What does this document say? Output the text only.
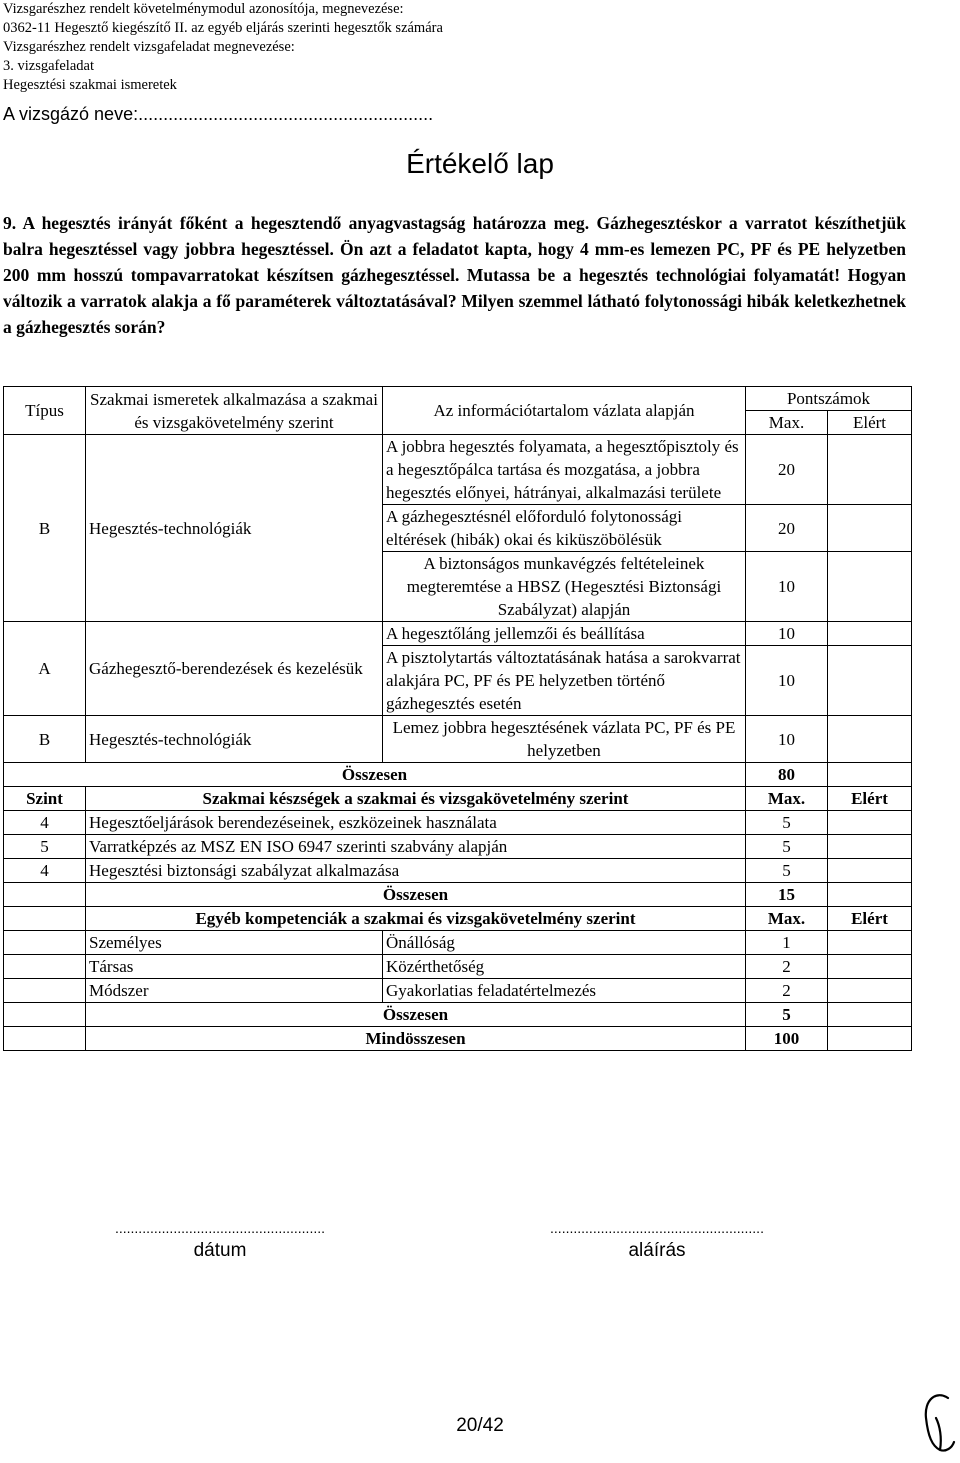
Vizsgarészhez rendelt követelménymodul azonosítója, megnevezése:
0362-11 Hegesztő kiegészítő II. az egyéb eljárás szerinti hegesztők számára
Vizsgarészhez rendelt vizsgafeladat megnevezése:
3. vizsgafeladat
Hegesztési szakmai ismeretek
A vizsgázó neve:...........................................................
Értékelő lap
9. A hegesztés irányát főként a hegesztendő anyagvastagság határozza meg. Gázhegesztéskor a varratot készíthetjük balra hegesztéssel vagy jobbra hegesztéssel. Ön azt a feladatot kapta, hogy 4 mm-es lemezen PC, PF és PE helyzetben 200 mm hosszú tompavarratokat készítsen gázhegesztéssel. Mutassa be a hegesztés technológiai folyamatát! Hogyan változik a varratok alakja a fő paraméterek változtatásával? Milyen szemmel látható folytonossági hibák keletkezhetnek a gázhegesztés során?
Típus	Szakmai ismeretek alkalmazása a szakmai és vizsgakövetelmény szerint	Az információtartalom vázlata alapján	Pontszámok	
			Max.	Elért
B	Hegesztés-technológiák	A jobbra hegesztés folyamata, a hegesztőpisztoly és a hegesztőpálca tartása és mozgatása, a jobbra hegesztés előnyei, hátrányai, alkalmazási területe	20	
		A gázhegesztésnél előforduló folytonossági eltérések (hibák) okai és kiküszöbölésük	20	
		A biztonságos munkavégzés feltételeinek megteremtése a HBSZ (Hegesztési Biztonsági Szabályzat) alapján	10	
A	Gázhegesztő-berendezések és kezelésük	A hegesztőláng jellemzői és beállítása	10	
		A pisztolytartás változtatásának hatása a sarokvarrat alakjára PC, PF és PE helyzetben történő gázhegesztés esetén	10	
B	Hegesztés-technológiák	Lemez jobbra hegesztésének vázlata PC, PF és PE helyzetben	10	
Összesen			80	
Szint	Szakmai készségek a szakmai és vizsgakövetelmény szerint		Max.	Elért
4	Hegesztőeljárások berendezéseinek, eszközeinek használata		5	
5	Varratképzés az MSZ EN ISO 6947 szerinti szabvány alapján		5	
4	Hegesztési biztonsági szabályzat alkalmazása		5	
	Összesen		15	
	Egyéb kompetenciák a szakmai és vizsgakövetelmény szerint		Max.	Elért
	Személyes	Önállóság	1	
	Társas	Közérthetőség	2	
	Módszer	Gyakorlatias feladatértelmezés	2	
	Összesen		5	
	Mindösszesen		100	
......................................................
dátum
.......................................................
aláírás
20/42
